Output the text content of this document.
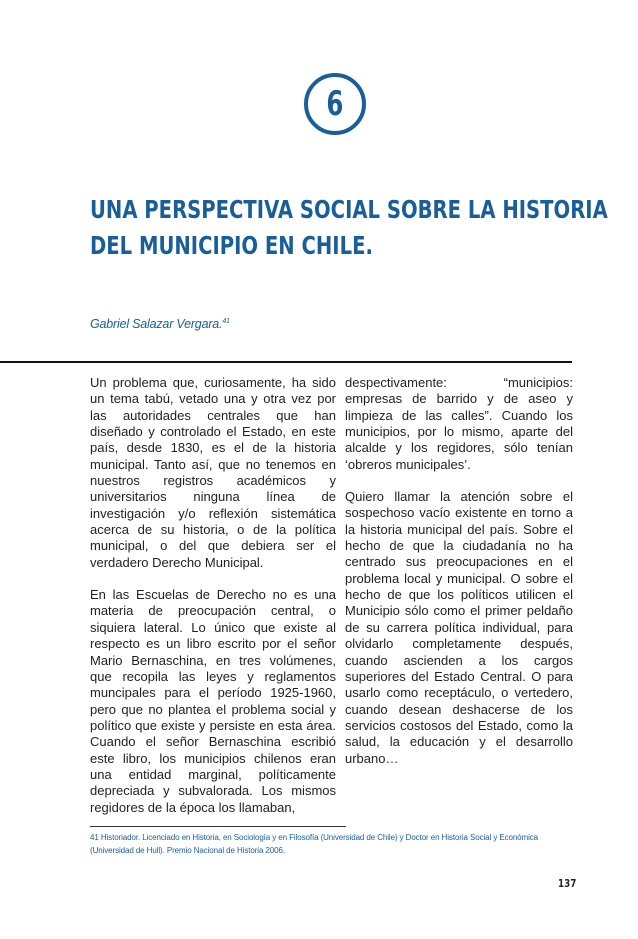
6
UNA PERSPECTIVA SOCIAL SOBRE LA HISTORIA
DEL MUNICIPIO EN CHILE.
Gabriel Salazar Vergara.$^{41}$

Un problema que, curiosamente, ha sido un tema tabú, vetado una y otra vez por las autoridades centrales que han diseñado y controlado el Estado, en este país, desde 1830, es el de la historia municipal. Tanto así, que no tenemos en nuestros registros académicos y universitarios ninguna línea de investigación y/o reflexión sistemática acerca de su historia, o de la política municipal, o del que debiera ser el verdadero Derecho Municipal.

En las Escuelas de Derecho no es una materia de preocupación central, o siquiera lateral. Lo único que existe al respecto es un libro escrito por el señor Mario Bernaschina, en tres volúmenes, que recopila las leyes y reglamentos muncipales para el período 1925-1960, pero que no plantea el problema social y político que existe y persiste en esta área. Cuando el señor Bernaschina escribió este libro, los municipios chilenos eran una entidad marginal, políticamente depreciada y subvalorada. Los mismos regidores de la época los llamaban,

despectivamente: “municipios: empresas de barrido y de aseo y limpieza de las calles”. Cuando los municipios, por lo mismo, aparte del alcalde y los regidores, sólo tenían ‘obreros municipales’.

Quiero llamar la atención sobre el sospechoso vacío existente en torno a la historia municipal del país. Sobre el hecho de que la ciudadanía no ha centrado sus preocupaciones en el problema local y municipal. O sobre el hecho de que los políticos utilicen el Municipio sólo como el primer peldaño de su carrera política individual, para olvidarlo completamente después, cuando ascienden a los cargos superiores del Estado Central. O para usarlo como receptáculo, o vertedero, cuando desean deshacerse de los servicios costosos del Estado, como la salud, la educación y el desarrollo urbano…

41 Historiador. Licenciado en Historia, en Sociología y en Filosofía (Universidad de Chile) y Doctor en Historia Social y Económica (Universidad de Hull). Premio Nacional de Historia 2006.
137
